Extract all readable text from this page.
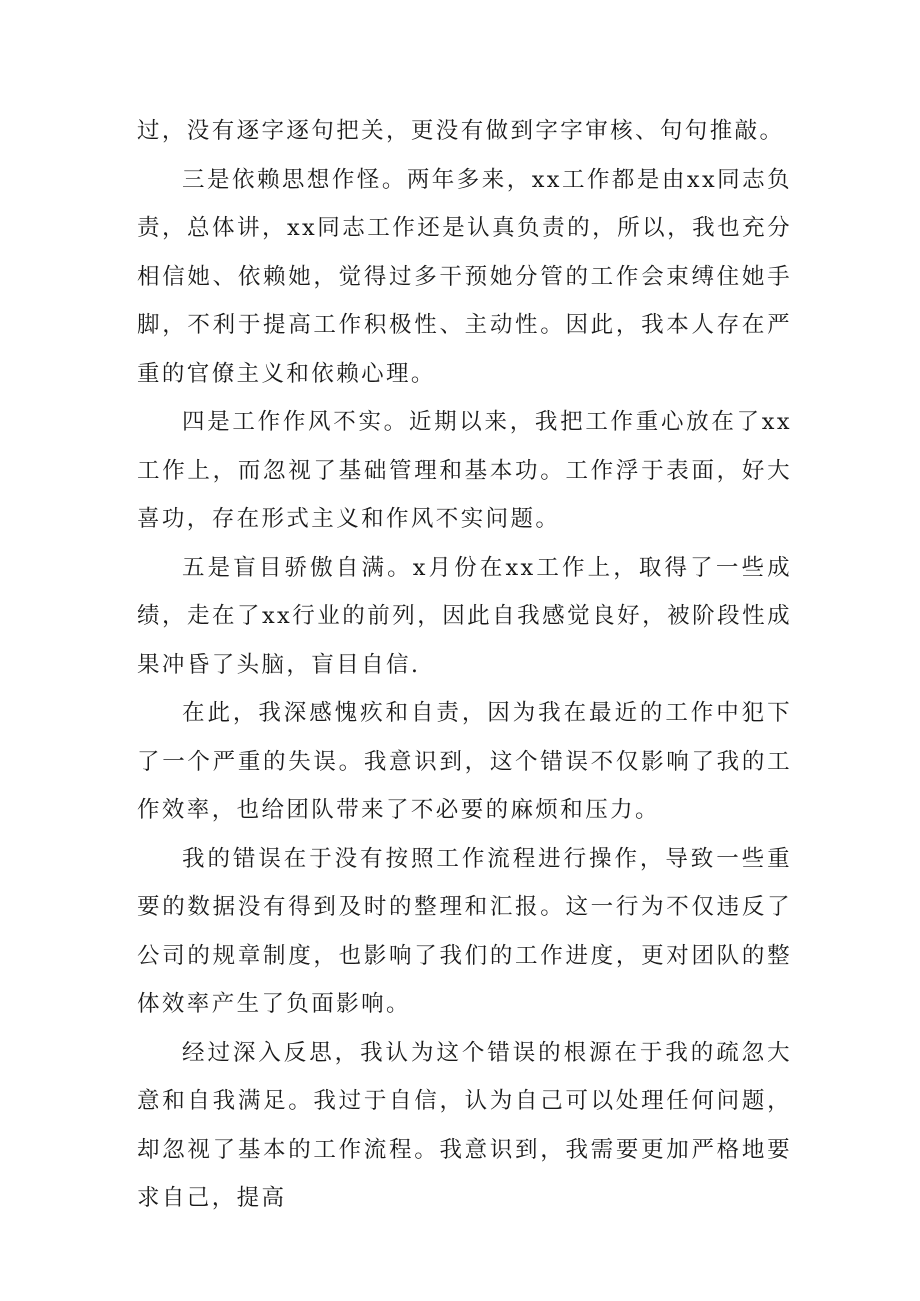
过，没有逐字逐句把关，更没有做到字字审核、句句推敲。

三是依赖思想作怪。两年多来，xx工作都是由xx同志负责，总体讲，xx同志工作还是认真负责的，所以，我也充分相信她、依赖她，觉得过多干预她分管的工作会束缚住她手脚，不利于提高工作积极性、主动性。因此，我本人存在严重的官僚主义和依赖心理。

四是工作作风不实。近期以来，我把工作重心放在了xx工作上，而忽视了基础管理和基本功。工作浮于表面，好大喜功，存在形式主义和作风不实问题。

五是盲目骄傲自满。x月份在xx工作上，取得了一些成绩，走在了xx行业的前列，因此自我感觉良好，被阶段性成果冲昏了头脑，盲目自信.

在此，我深感愧疚和自责，因为我在最近的工作中犯下了一个严重的失误。我意识到，这个错误不仅影响了我的工作效率，也给团队带来了不必要的麻烦和压力。

我的错误在于没有按照工作流程进行操作，导致一些重要的数据没有得到及时的整理和汇报。这一行为不仅违反了公司的规章制度，也影响了我们的工作进度，更对团队的整体效率产生了负面影响。

经过深入反思，我认为这个错误的根源在于我的疏忽大意和自我满足。我过于自信，认为自己可以处理任何问题，却忽视了基本的工作流程。我意识到，我需要更加严格地要求自己，提高
